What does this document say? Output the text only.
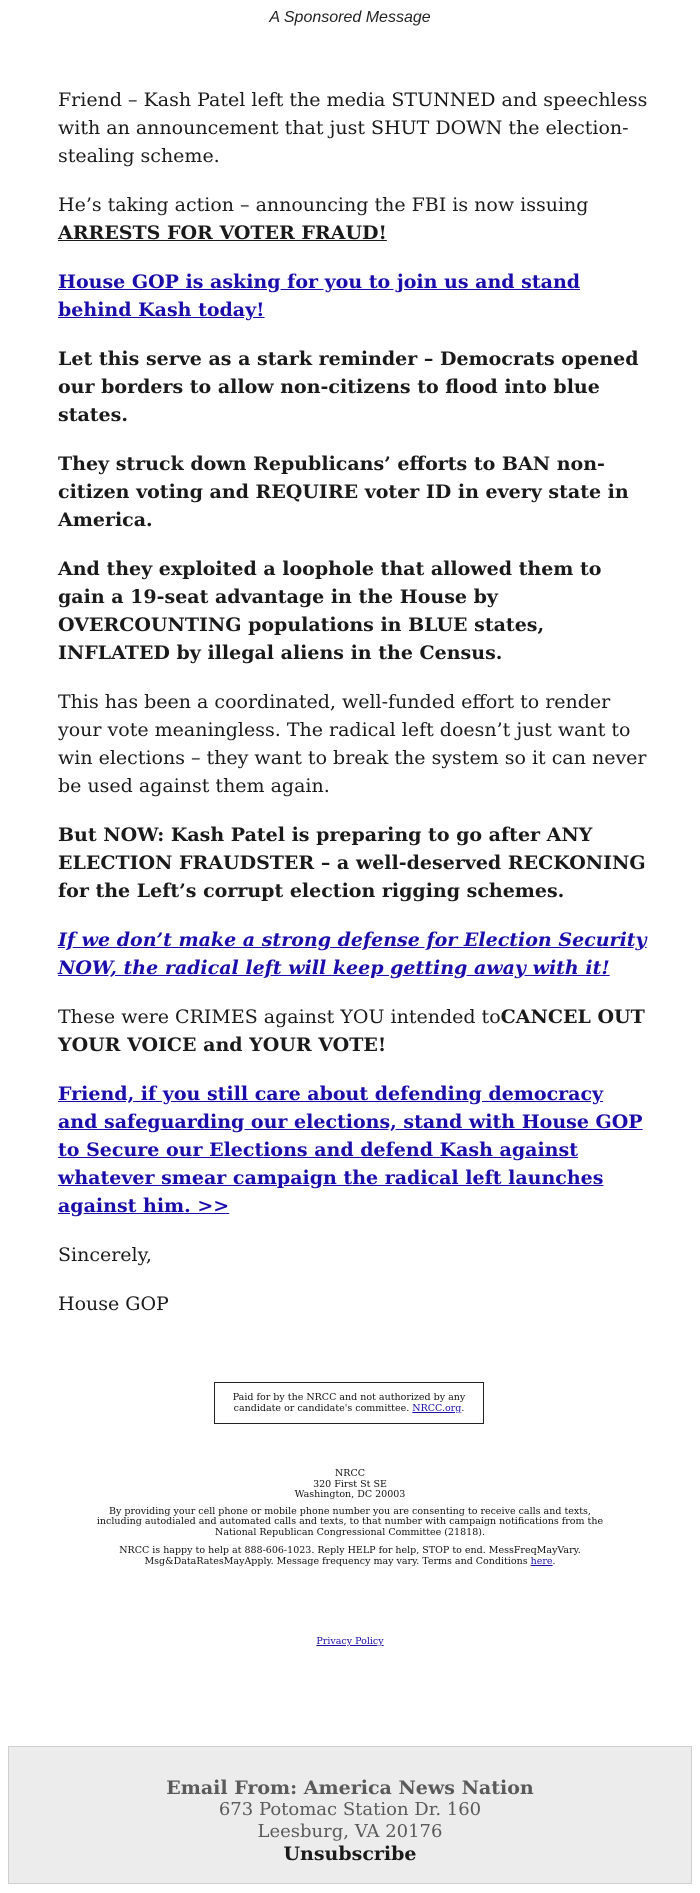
A Sponsored Message

Friend – Kash Patel left the media STUNNED and speechless with an announcement that just SHUT DOWN the election-stealing scheme.

He’s taking action – announcing the FBI is now issuing ARRESTS FOR VOTER FRAUD!

House GOP is asking for you to join us and stand behind Kash today!

Let this serve as a stark reminder – Democrats opened our borders to allow non-citizens to flood into blue states.

They struck down Republicans’ efforts to BAN non-citizen voting and REQUIRE voter ID in every state in America.

And they exploited a loophole that allowed them to gain a 19-seat advantage in the House by OVERCOUNTING populations in BLUE states, INFLATED by illegal aliens in the Census.

This has been a coordinated, well-funded effort to render your vote meaningless. The radical left doesn’t just want to win elections – they want to break the system so it can never be used against them again.

But NOW: Kash Patel is preparing to go after ANY ELECTION FRAUDSTER – a well-deserved RECKONING for the Left’s corrupt election rigging schemes.

If we don’t make a strong defense for Election Security NOW, the radical left will keep getting away with it!

These were CRIMES against YOU intended toCANCEL OUT YOUR VOICE and YOUR VOTE!

Friend, if you still care about defending democracy and safeguarding our elections, stand with House GOP to Secure our Elections and defend Kash against whatever smear campaign the radical left launches against him. >>

Sincerely,

House GOP

Paid for by the NRCC and not authorized by any candidate or candidate's committee. NRCC.org.
NRCC
320 First St SE
Washington, DC 20003
By providing your cell phone or mobile phone number you are consenting to receive calls and texts, including autodialed and automated calls and texts, to that number with campaign notifications from the National Republican Congressional Committee (21818).
NRCC is happy to help at 888-606-1023. Reply HELP for help, STOP to end. MessFreqMayVary. Msg&DataRatesMayApply. Message frequency may vary. Terms and Conditions here.
Privacy Policy
Email From: America News Nation
673 Potomac Station Dr. 160
Leesburg, VA 20176
Unsubscribe
